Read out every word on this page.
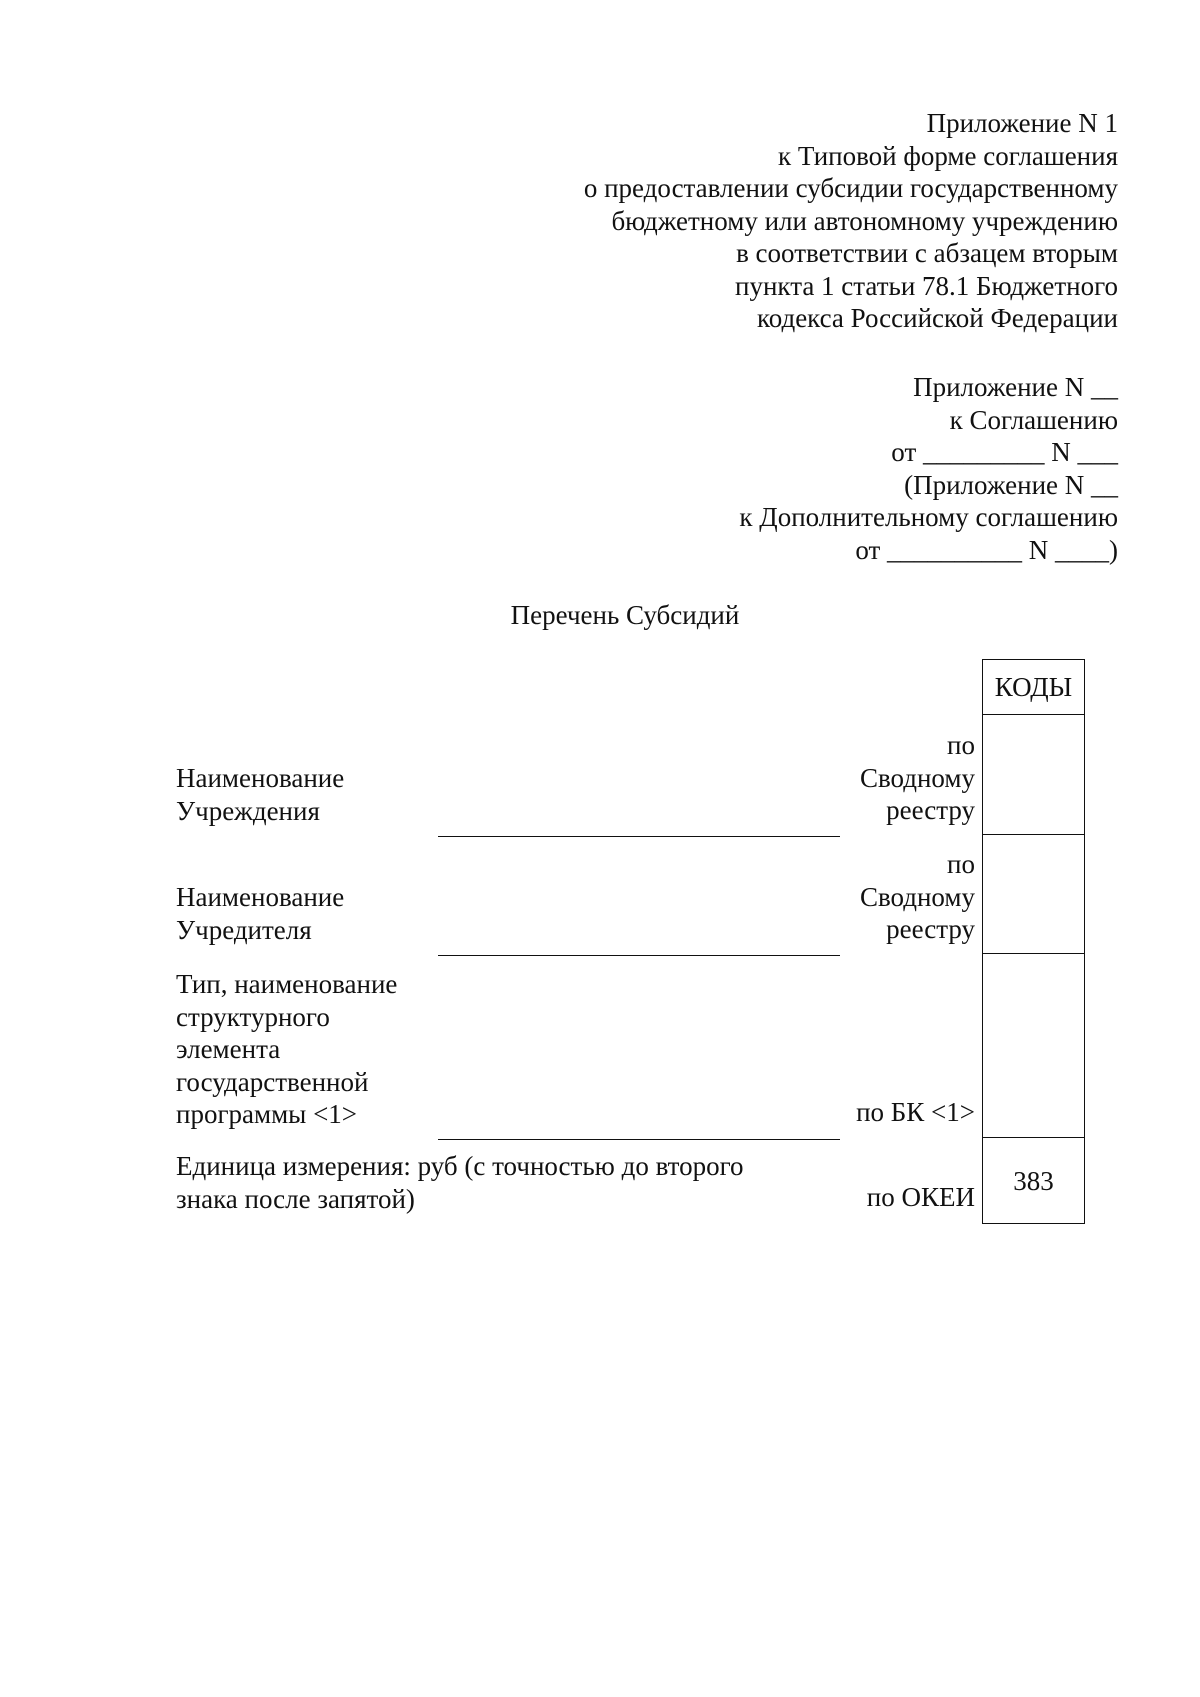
Приложение N 1
к Типовой форме соглашения
о предоставлении субсидии государственному
бюджетному или автономному учреждению
в соответствии с абзацем вторым
пункта 1 статьи 78.1 Бюджетного
кодекса Российской Федерации
Приложение N __
к Соглашению
от _________ N ___
(Приложение N __
к Дополнительному соглашению
от __________ N ____)
Перечень Субсидий
КОДЫ
383
Наименование
Учреждения
по
Сводному
реестру
Наименование
Учредителя
по
Сводному
реестру
Тип, наименование
структурного
элемента
государственной
программы <1>	по БК <1>
Единица измерения: руб (с точностью до второго
знака после запятой)	по ОКЕИ
